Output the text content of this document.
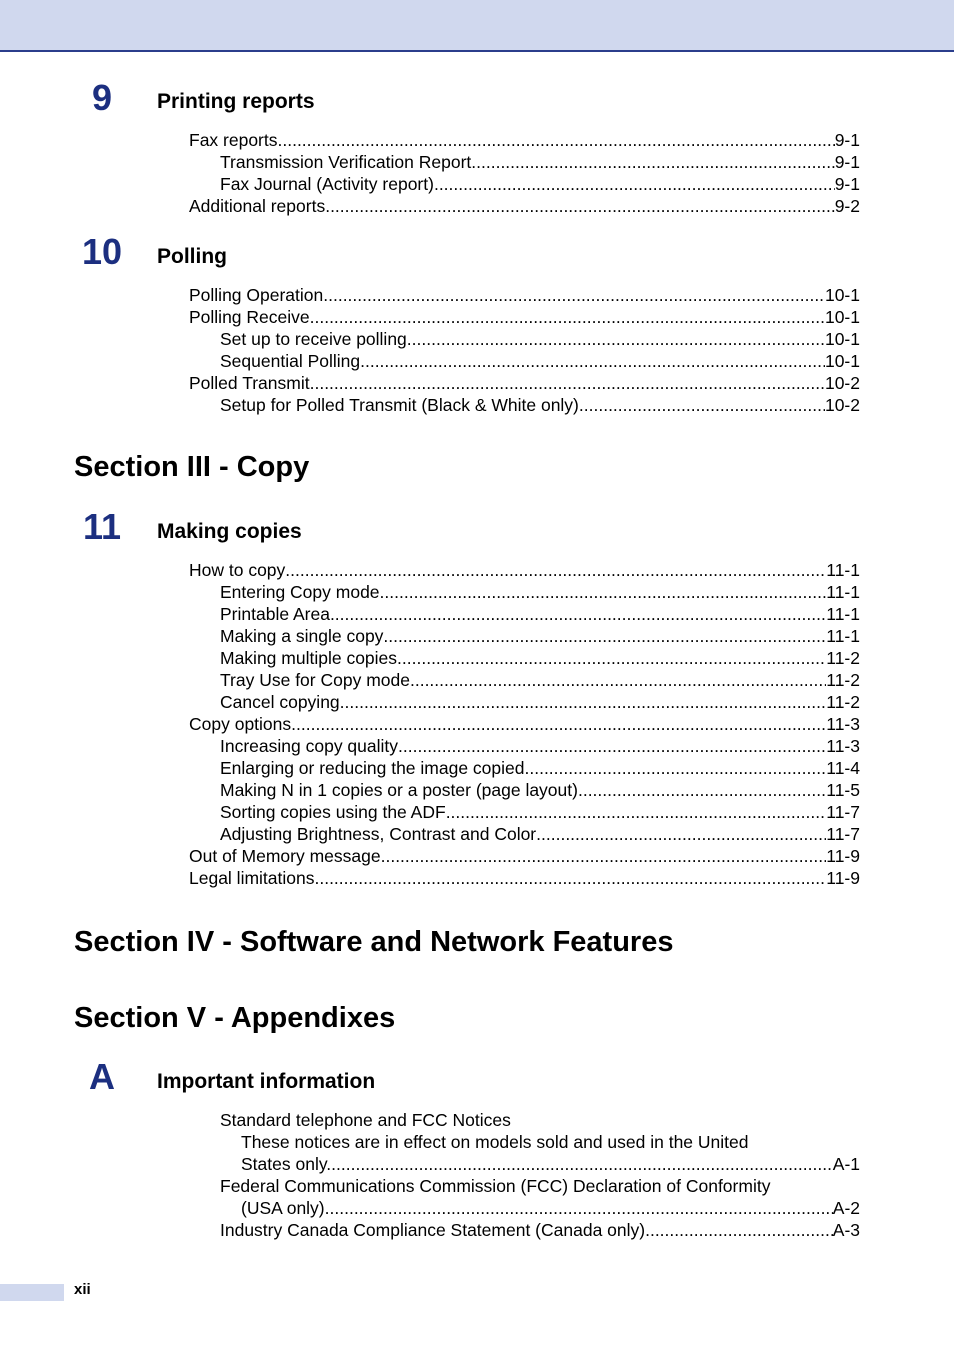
9	Printing reports
Fax reports .....	9-1
Transmission Verification Report .....	9-1
Fax Journal (Activity report) .....	9-1
Additional reports .....	9-2
10	Polling
Polling Operation .....	10-1
Polling Receive .....	10-1
Set up to receive polling .....	10-1
Sequential Polling .....	10-1
Polled Transmit .....	10-2
Setup for Polled Transmit (Black & White only) .....	10-2
Section III - Copy
11	Making copies
How to copy .....	11-1
Entering Copy mode .....	11-1
Printable Area .....	11-1
Making a single copy .....	11-1
Making multiple copies .....	11-2
Tray Use for Copy mode .....	11-2
Cancel copying .....	11-2
Copy options .....	11-3
Increasing copy quality .....	11-3
Enlarging or reducing the image copied .....	11-4
Making N in 1 copies or a poster (page layout) .....	11-5
Sorting copies using the ADF .....	11-7
Adjusting Brightness, Contrast and Color .....	11-7
Out of Memory message .....	11-9
Legal limitations .....	11-9
Section IV - Software and Network Features
Section V - Appendixes
A	Important information
Standard telephone and FCC Notices
These notices are in effect on models sold and used in the United
States only. .....	A-1
Federal Communications Commission (FCC) Declaration of Conformity
(USA only) .....	A-2
Industry Canada Compliance Statement (Canada only) .....	A-3
xii
